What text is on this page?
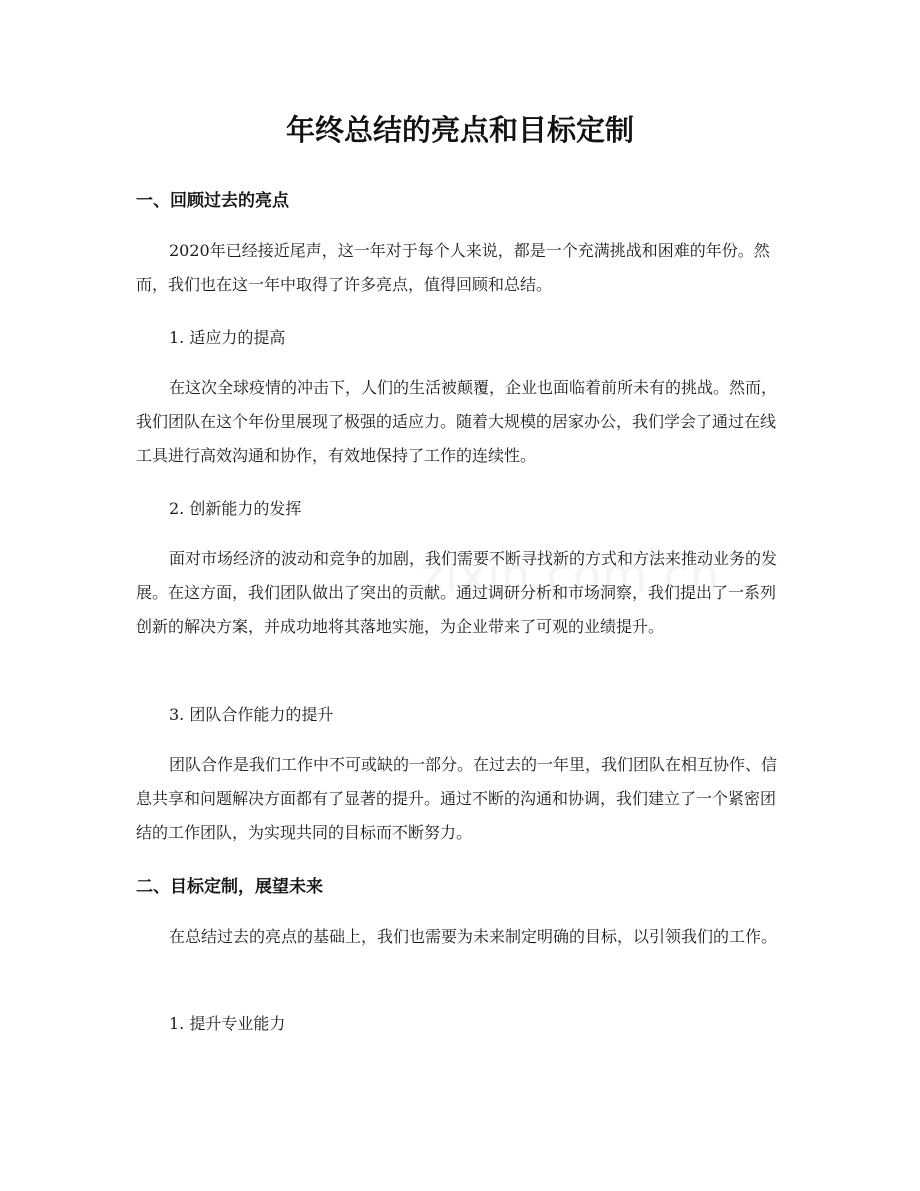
年终总结的亮点和目标定制
一、回顾过去的亮点

2020年已经接近尾声，这一年对于每个人来说，都是一个充满挑战和困难的年份。然而，我们也在这一年中取得了许多亮点，值得回顾和总结。

1. 适应力的提高

在这次全球疫情的冲击下，人们的生活被颠覆，企业也面临着前所未有的挑战。然而，我们团队在这个年份里展现了极强的适应力。随着大规模的居家办公，我们学会了通过在线工具进行高效沟通和协作，有效地保持了工作的连续性。

2. 创新能力的发挥

面对市场经济的波动和竞争的加剧，我们需要不断寻找新的方式和方法来推动业务的发展。在这方面，我们团队做出了突出的贡献。通过调研分析和市场洞察，我们提出了一系列创新的解决方案，并成功地将其落地实施，为企业带来了可观的业绩提升。

3. 团队合作能力的提升

团队合作是我们工作中不可或缺的一部分。在过去的一年里，我们团队在相互协作、信息共享和问题解决方面都有了显著的提升。通过不断的沟通和协调，我们建立了一个紧密团结的工作团队，为实现共同的目标而不断努力。

二、目标定制，展望未来

在总结过去的亮点的基础上，我们也需要为未来制定明确的目标，以引领我们的工作。

1. 提升专业能力
